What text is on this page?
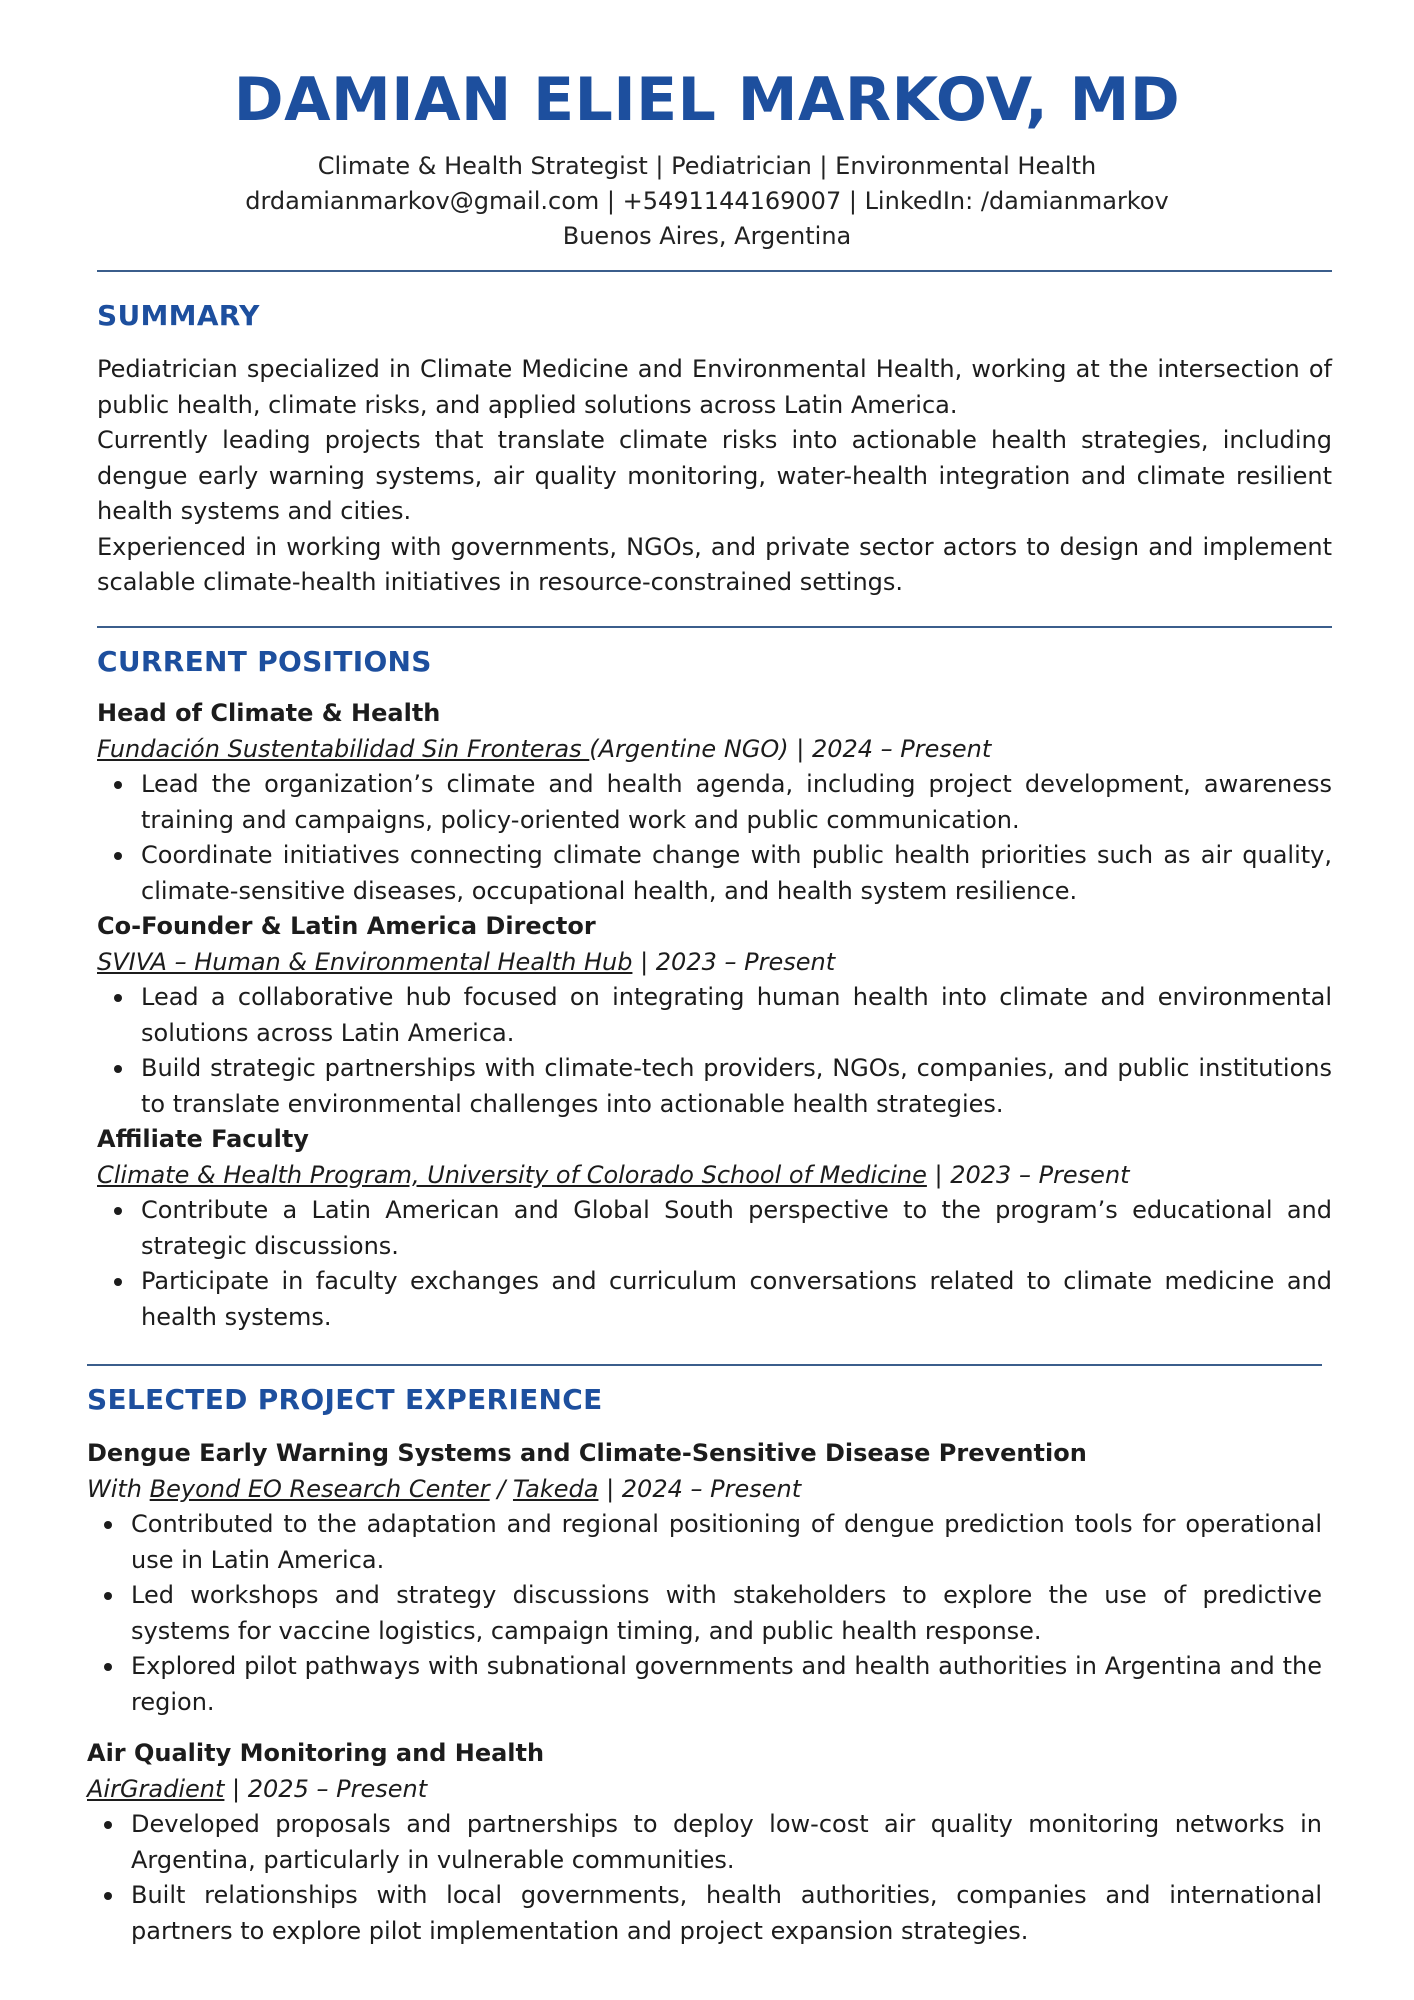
DAMIAN ELIEL MARKOV, MD
Climate & Health Strategist | Pediatrician | Environmental Health
drdamianmarkov@gmail.com | +5491144169007 | LinkedIn: /damianmarkov
Buenos Aires, Argentina
SUMMARY

Pediatrician specialized in Climate Medicine and Environmental Health, working at the intersection of public health, climate risks, and applied solutions across Latin America.

Currently leading projects that translate climate risks into actionable health strategies, including dengue early warning systems, air quality monitoring, water-health integration and climate resilient health systems and cities.

Experienced in working with governments, NGOs, and private sector actors to design and implement scalable climate-health initiatives in resource-constrained settings.

CURRENT POSITIONS

Head of Climate & Health

Fundación Sustentabilidad Sin Fronteras (Argentine NGO) | 2024 – Present

Lead the organization’s climate and health agenda, including project development, awareness training and campaigns, policy-oriented work and public communication.
Coordinate initiatives connecting climate change with public health priorities such as air quality, climate-sensitive diseases, occupational health, and health system resilience.

Co-Founder & Latin America Director

SVIVA – Human & Environmental Health Hub | 2023 – Present

Lead a collaborative hub focused on integrating human health into climate and environmental solutions across Latin America.
Build strategic partnerships with climate-tech providers, NGOs, companies, and public institutions to translate environmental challenges into actionable health strategies.

Affiliate Faculty

Climate & Health Program, University of Colorado School of Medicine | 2023 – Present

Contribute a Latin American and Global South perspective to the program’s educational and strategic discussions.
Participate in faculty exchanges and curriculum conversations related to climate medicine and health systems.
SELECTED PROJECT EXPERIENCE

Dengue Early Warning Systems and Climate-Sensitive Disease Prevention

With Beyond EO Research Center / Takeda | 2024 – Present

Contributed to the adaptation and regional positioning of dengue prediction tools for operational use in Latin America.
Led workshops and strategy discussions with stakeholders to explore the use of predictive systems for vaccine logistics, campaign timing, and public health response.
Explored pilot pathways with subnational governments and health authorities in Argentina and the region.

Air Quality Monitoring and Health

AirGradient | 2025 – Present

Developed proposals and partnerships to deploy low-cost air quality monitoring networks in Argentina, particularly in vulnerable communities.
Built relationships with local governments, health authorities, companies and international partners to explore pilot implementation and project expansion strategies.
